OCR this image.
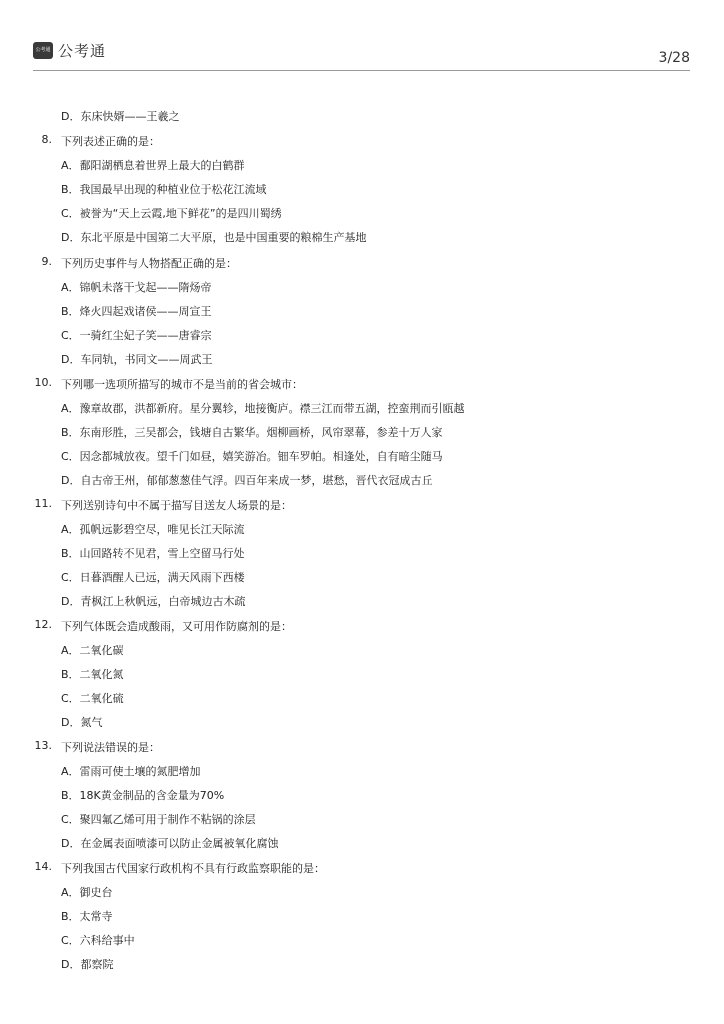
公考通 公考通	3/28
D．东床快婿——王羲之
8. 下列表述正确的是：
A．鄱阳湖栖息着世界上最大的白鹤群
B．我国最早出现的种植业位于松花江流域
C．被誉为“天上云霞,地下鲜花”的是四川蜀绣
D．东北平原是中国第二大平原，也是中国重要的粮棉生产基地
9. 下列历史事件与人物搭配正确的是：
A．锦帆未落干戈起——隋炀帝
B．烽火四起戏诸侯——周宣王
C．一骑红尘妃子笑——唐睿宗
D．车同轨，书同文——周武王
10. 下列哪一选项所描写的城市不是当前的省会城市：
A．豫章故郡，洪都新府。星分翼轸，地接衡庐。襟三江而带五湖，控蛮荆而引瓯越
B．东南形胜，三吴都会，钱塘自古繁华。烟柳画桥，风帘翠幕，参差十万人家
C．因念都城放夜。望千门如昼，嬉笑游冶。钿车罗帕。相逢处，自有暗尘随马
D．自古帝王州，郁郁葱葱佳气浮。四百年来成一梦，堪愁，晋代衣冠成古丘
11. 下列送别诗句中不属于描写目送友人场景的是：
A．孤帆远影碧空尽，唯见长江天际流
B．山回路转不见君，雪上空留马行处
C．日暮酒醒人已远，满天风雨下西楼
D．青枫江上秋帆远，白帝城边古木疏
12. 下列气体既会造成酸雨，又可用作防腐剂的是：
A．二氧化碳
B．二氧化氮
C．二氧化硫
D．氮气
13. 下列说法错误的是：
A．雷雨可使土壤的氮肥增加
B．18K黄金制品的含金量为70%
C．聚四氟乙烯可用于制作不粘锅的涂层
D．在金属表面喷漆可以防止金属被氧化腐蚀
14. 下列我国古代国家行政机构不具有行政监察职能的是：
A．御史台
B．太常寺
C．六科给事中
D．都察院
